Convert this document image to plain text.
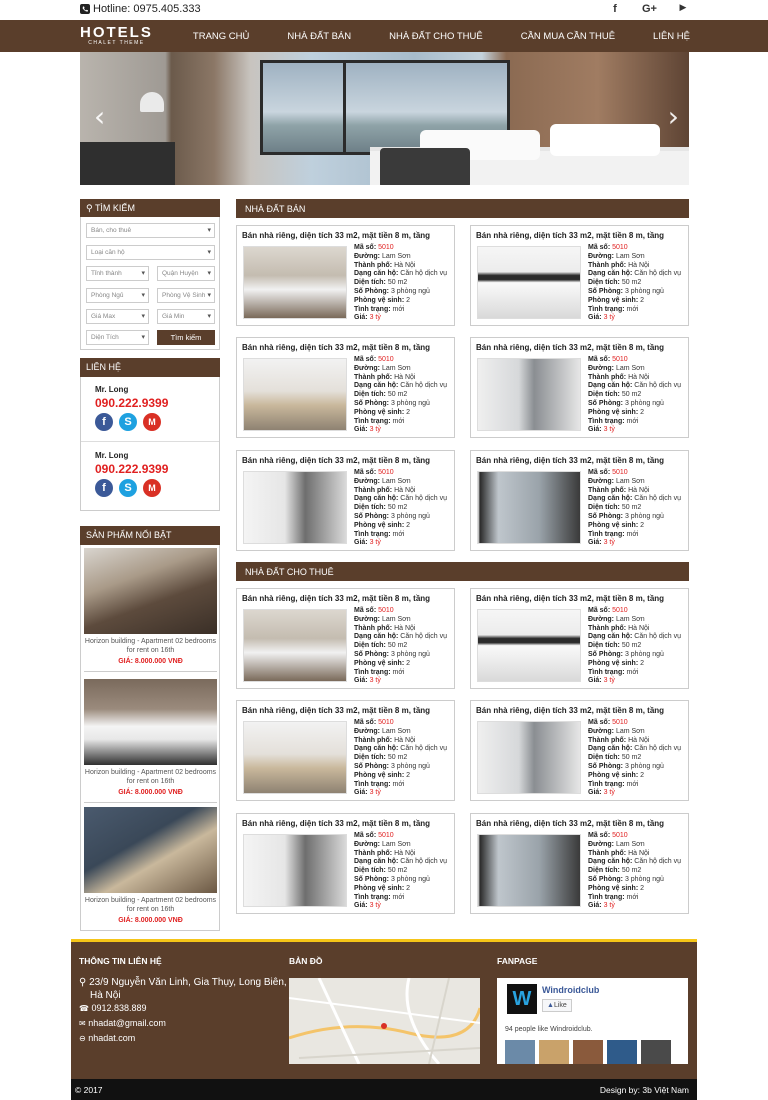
Hotline: 0975.405.333	f	G+	▶
HOTELS
CHALET THEME
TRANG CHỦ	NHÀ ĐẤT BÁN	NHÀ ĐẤT CHO THUÊ	CẦN MUA CẦN THUÊ	LIÊN HỆ
‹	›
⚲ TÌM KIẾM
Bán, cho thuê ▾
Loại căn hộ ▾
Tỉnh thành ▾	Quận Huyện ▾
Phòng Ngủ ▾	Phòng Vệ Sinh ▾
Giá Max ▾	Giá Min ▾
Diện Tích ▾	Tìm kiếm
LIÊN HỆ
Mr. Long
090.222.9399
f	S	M
Mr. Long
090.222.9399
f	S	M
SẢN PHẨM NỔI BẬT
Horizon building - Apartment 02 bedrooms for rent on 16th
GIÁ: 8.000.000 VNĐ
Horizon building - Apartment 02 bedrooms for rent on 16th
GIÁ: 8.000.000 VNĐ
Horizon building - Apartment 02 bedrooms for rent on 16th
GIÁ: 8.000.000 VNĐ
NHÀ ĐẤT BÁN
NHÀ ĐẤT CHO THUÊ
Bán nhà riêng, diện tích 33 m2, mặt tiền 8 m, tầng
Mã số: 5010
Đường: Lam Sơn
Thành phố: Hà Nội
Dạng căn hộ: Căn hộ dịch vụ
Diện tích: 50 m2
Số Phòng: 3 phòng ngủ
Phòng vệ sinh: 2
Tình trạng: mới
Giá: 3 tỷ
Bán nhà riêng, diện tích 33 m2, mặt tiền 8 m, tầng
Mã số: 5010
Đường: Lam Sơn
Thành phố: Hà Nội
Dạng căn hộ: Căn hộ dịch vụ
Diện tích: 50 m2
Số Phòng: 3 phòng ngủ
Phòng vệ sinh: 2
Tình trạng: mới
Giá: 3 tỷ
Bán nhà riêng, diện tích 33 m2, mặt tiền 8 m, tầng
Mã số: 5010
Đường: Lam Sơn
Thành phố: Hà Nội
Dạng căn hộ: Căn hộ dịch vụ
Diện tích: 50 m2
Số Phòng: 3 phòng ngủ
Phòng vệ sinh: 2
Tình trạng: mới
Giá: 3 tỷ
Bán nhà riêng, diện tích 33 m2, mặt tiền 8 m, tầng
Mã số: 5010
Đường: Lam Sơn
Thành phố: Hà Nội
Dạng căn hộ: Căn hộ dịch vụ
Diện tích: 50 m2
Số Phòng: 3 phòng ngủ
Phòng vệ sinh: 2
Tình trạng: mới
Giá: 3 tỷ
Bán nhà riêng, diện tích 33 m2, mặt tiền 8 m, tầng
Mã số: 5010
Đường: Lam Sơn
Thành phố: Hà Nội
Dạng căn hộ: Căn hộ dịch vụ
Diện tích: 50 m2
Số Phòng: 3 phòng ngủ
Phòng vệ sinh: 2
Tình trạng: mới
Giá: 3 tỷ
Bán nhà riêng, diện tích 33 m2, mặt tiền 8 m, tầng
Mã số: 5010
Đường: Lam Sơn
Thành phố: Hà Nội
Dạng căn hộ: Căn hộ dịch vụ
Diện tích: 50 m2
Số Phòng: 3 phòng ngủ
Phòng vệ sinh: 2
Tình trạng: mới
Giá: 3 tỷ
Bán nhà riêng, diện tích 33 m2, mặt tiền 8 m, tầng
Mã số: 5010
Đường: Lam Sơn
Thành phố: Hà Nội
Dạng căn hộ: Căn hộ dịch vụ
Diện tích: 50 m2
Số Phòng: 3 phòng ngủ
Phòng vệ sinh: 2
Tình trạng: mới
Giá: 3 tỷ
Bán nhà riêng, diện tích 33 m2, mặt tiền 8 m, tầng
Mã số: 5010
Đường: Lam Sơn
Thành phố: Hà Nội
Dạng căn hộ: Căn hộ dịch vụ
Diện tích: 50 m2
Số Phòng: 3 phòng ngủ
Phòng vệ sinh: 2
Tình trạng: mới
Giá: 3 tỷ
Bán nhà riêng, diện tích 33 m2, mặt tiền 8 m, tầng
Mã số: 5010
Đường: Lam Sơn
Thành phố: Hà Nội
Dạng căn hộ: Căn hộ dịch vụ
Diện tích: 50 m2
Số Phòng: 3 phòng ngủ
Phòng vệ sinh: 2
Tình trạng: mới
Giá: 3 tỷ
Bán nhà riêng, diện tích 33 m2, mặt tiền 8 m, tầng
Mã số: 5010
Đường: Lam Sơn
Thành phố: Hà Nội
Dạng căn hộ: Căn hộ dịch vụ
Diện tích: 50 m2
Số Phòng: 3 phòng ngủ
Phòng vệ sinh: 2
Tình trạng: mới
Giá: 3 tỷ
Bán nhà riêng, diện tích 33 m2, mặt tiền 8 m, tầng
Mã số: 5010
Đường: Lam Sơn
Thành phố: Hà Nội
Dạng căn hộ: Căn hộ dịch vụ
Diện tích: 50 m2
Số Phòng: 3 phòng ngủ
Phòng vệ sinh: 2
Tình trạng: mới
Giá: 3 tỷ
Bán nhà riêng, diện tích 33 m2, mặt tiền 8 m, tầng
Mã số: 5010
Đường: Lam Sơn
Thành phố: Hà Nội
Dạng căn hộ: Căn hộ dịch vụ
Diện tích: 50 m2
Số Phòng: 3 phòng ngủ
Phòng vệ sinh: 2
Tình trạng: mới
Giá: 3 tỷ
THÔNG TIN LIÊN HỆ
⚲ 23/9 Nguyễn Văn Linh, Gia Thụy, Long Biên,
Hà Nội
☎ 0912.838.889
✉ nhadat@gmail.com
⊖ nhadat.com
BẢN ĐỒ	FANPAGE
W	Windroidclub
▲Like
94 people like Windroidclub.
© 2017	Design by: 3b Việt Nam
